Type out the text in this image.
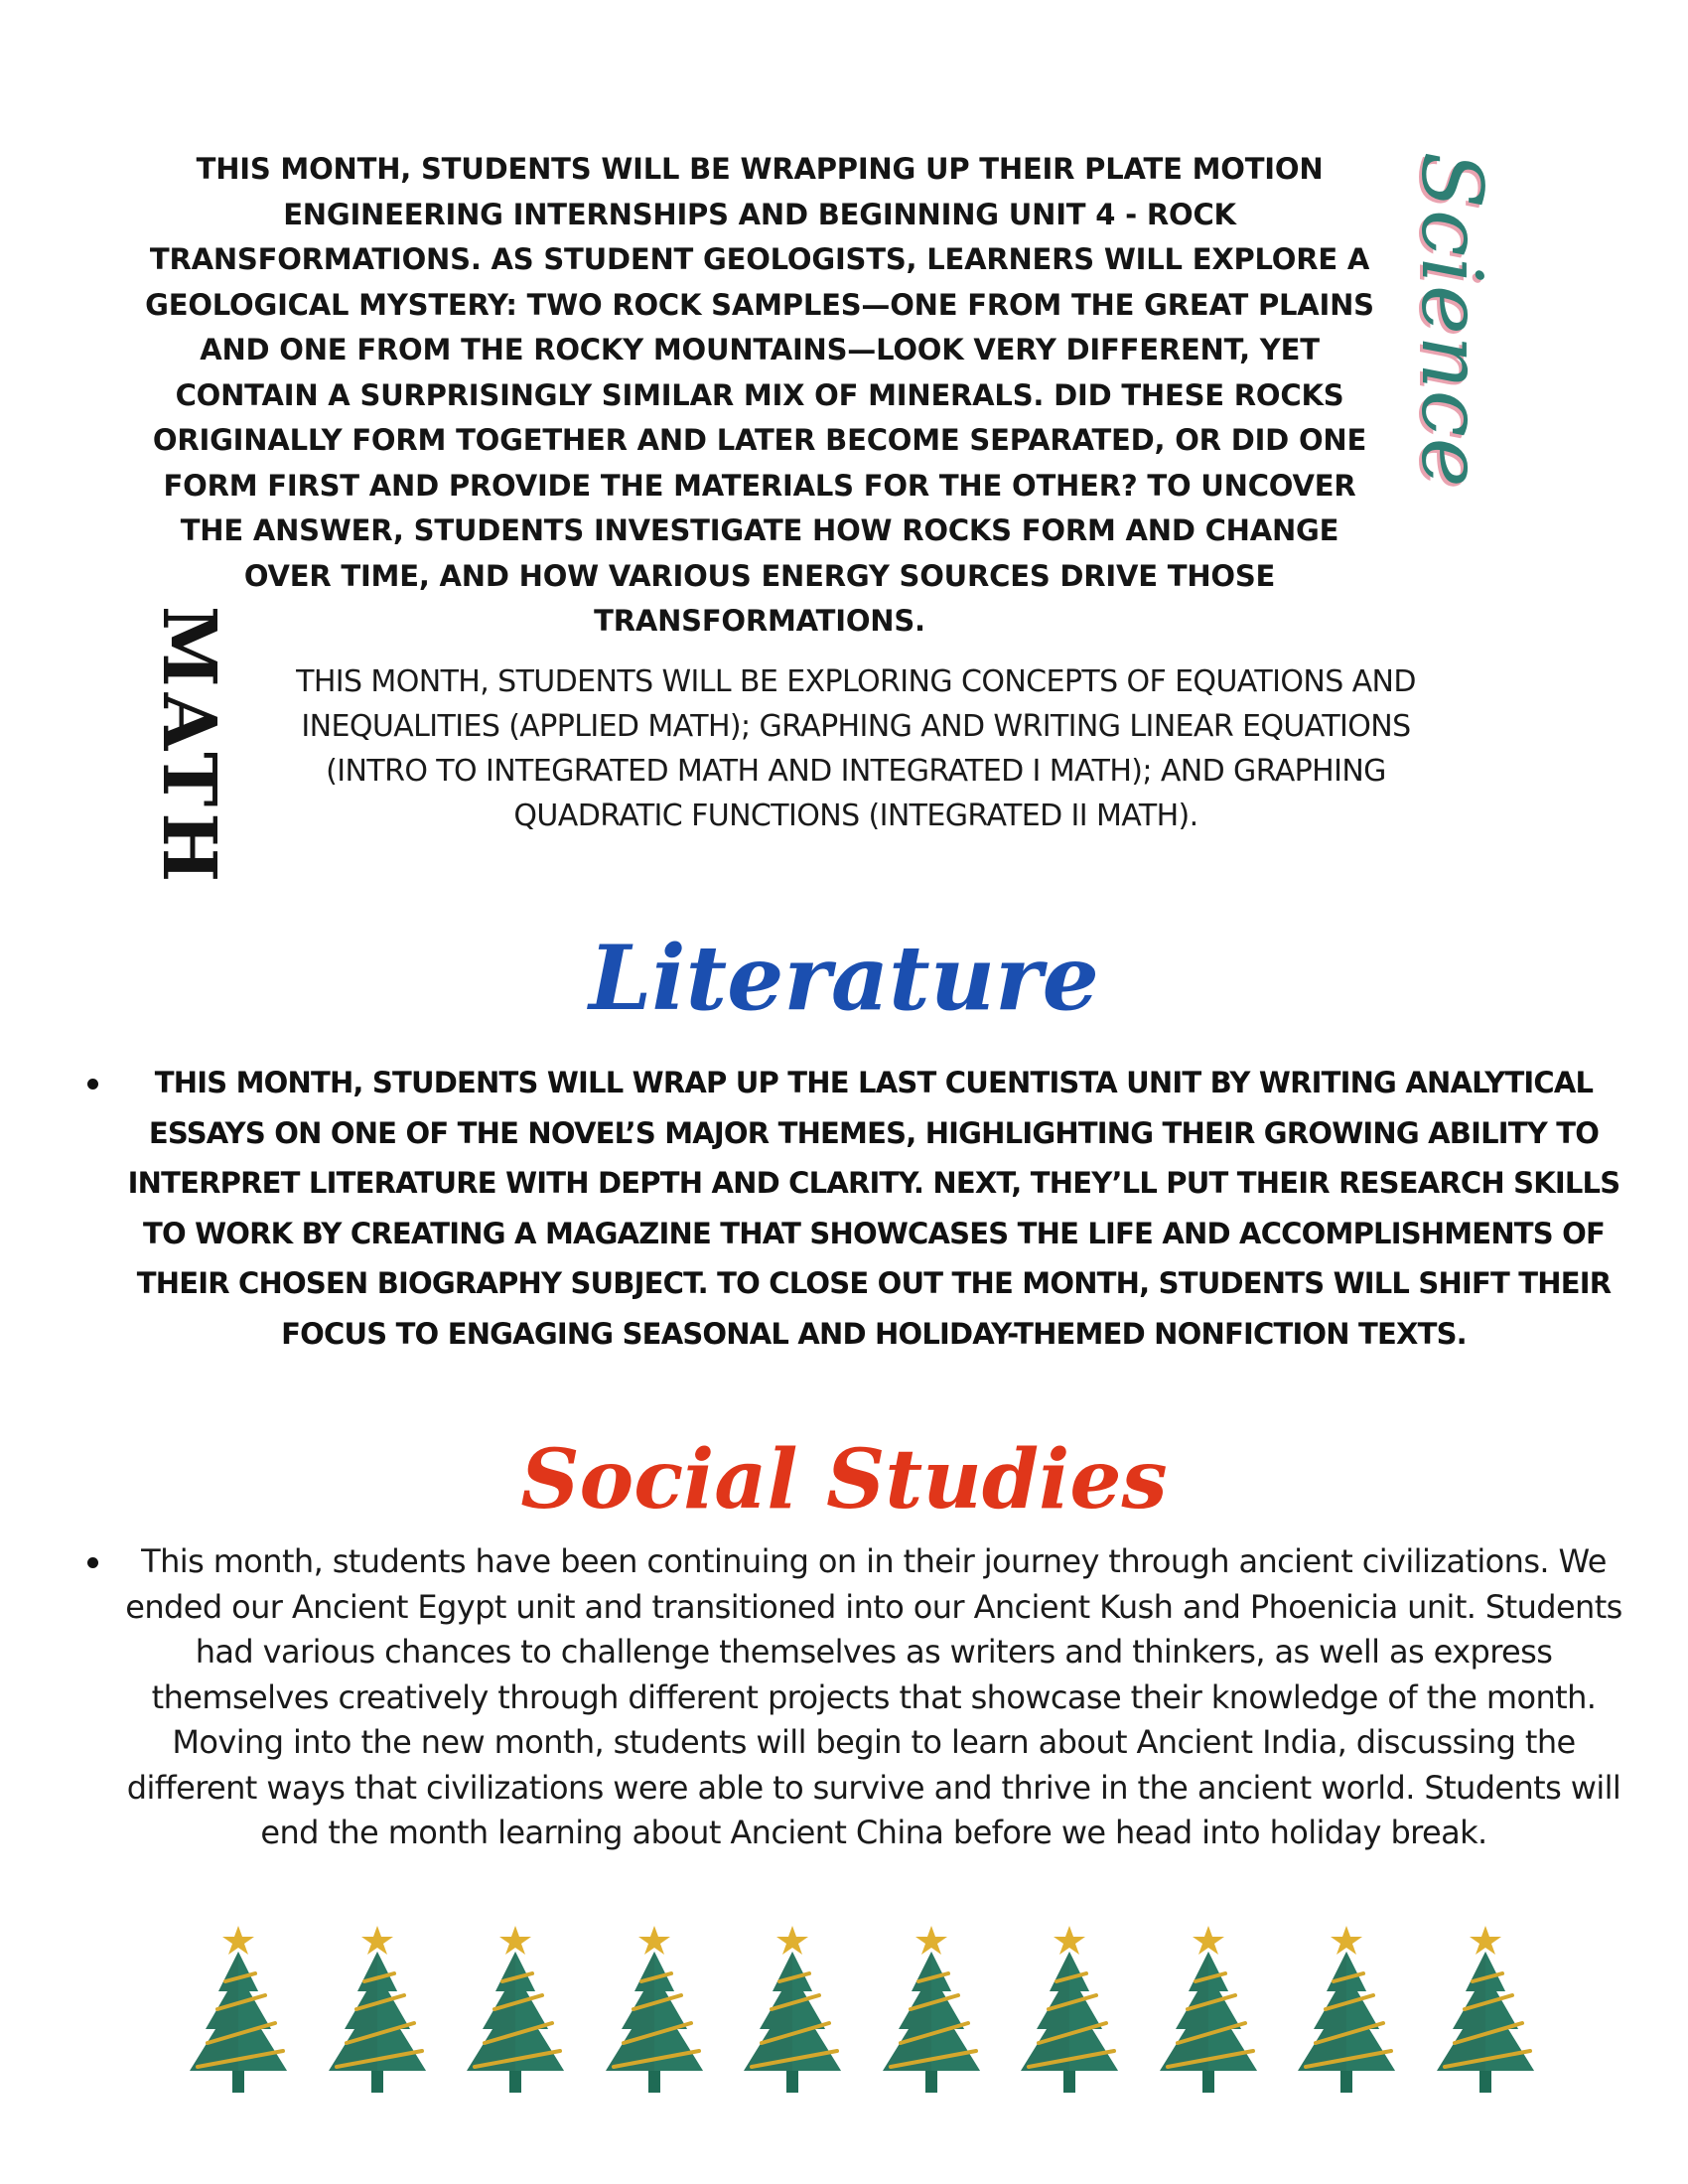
THIS MONTH, STUDENTS WILL BE WRAPPING UP THEIR PLATE MOTION ENGINEERING INTERNSHIPS AND BEGINNING UNIT 4 - ROCK TRANSFORMATIONS. AS STUDENT GEOLOGISTS, LEARNERS WILL EXPLORE A GEOLOGICAL MYSTERY: TWO ROCK SAMPLES—ONE FROM THE GREAT PLAINS AND ONE FROM THE ROCKY MOUNTAINS—LOOK VERY DIFFERENT, YET CONTAIN A SURPRISINGLY SIMILAR MIX OF MINERALS. DID THESE ROCKS ORIGINALLY FORM TOGETHER AND LATER BECOME SEPARATED, OR DID ONE FORM FIRST AND PROVIDE THE MATERIALS FOR THE OTHER? TO UNCOVER THE ANSWER, STUDENTS INVESTIGATE HOW ROCKS FORM AND CHANGE OVER TIME, AND HOW VARIOUS ENERGY SOURCES DRIVE THOSE TRANSFORMATIONS.
Science
MATH	THIS MONTH, STUDENTS WILL BE EXPLORING CONCEPTS OF EQUATIONS AND INEQUALITIES (APPLIED MATH); GRAPHING AND WRITING LINEAR EQUATIONS (INTRO TO INTEGRATED MATH AND INTEGRATED I MATH); AND GRAPHING QUADRATIC FUNCTIONS (INTEGRATED II MATH).
Literature
THIS MONTH, STUDENTS WILL WRAP UP THE LAST CUENTISTA UNIT BY WRITING ANALYTICAL ESSAYS ON ONE OF THE NOVEL’S MAJOR THEMES, HIGHLIGHTING THEIR GROWING ABILITY TO INTERPRET LITERATURE WITH DEPTH AND CLARITY. NEXT, THEY’LL PUT THEIR RESEARCH SKILLS TO WORK BY CREATING A MAGAZINE THAT SHOWCASES THE LIFE AND ACCOMPLISHMENTS OF THEIR CHOSEN BIOGRAPHY SUBJECT. TO CLOSE OUT THE MONTH, STUDENTS WILL SHIFT THEIR FOCUS TO ENGAGING SEASONAL AND HOLIDAY-THEMED NONFICTION TEXTS.
Social Studies
This month, students have been continuing on in their journey through ancient civilizations. We ended our Ancient Egypt unit and transitioned into our Ancient Kush and Phoenicia unit. Students had various chances to challenge themselves as writers and thinkers, as well as express themselves creatively through different projects that showcase their knowledge of the month. Moving into the new month, students will begin to learn about Ancient India, discussing the different ways that civilizations were able to survive and thrive in the ancient world. Students will end the month learning about Ancient China before we head into holiday break.
